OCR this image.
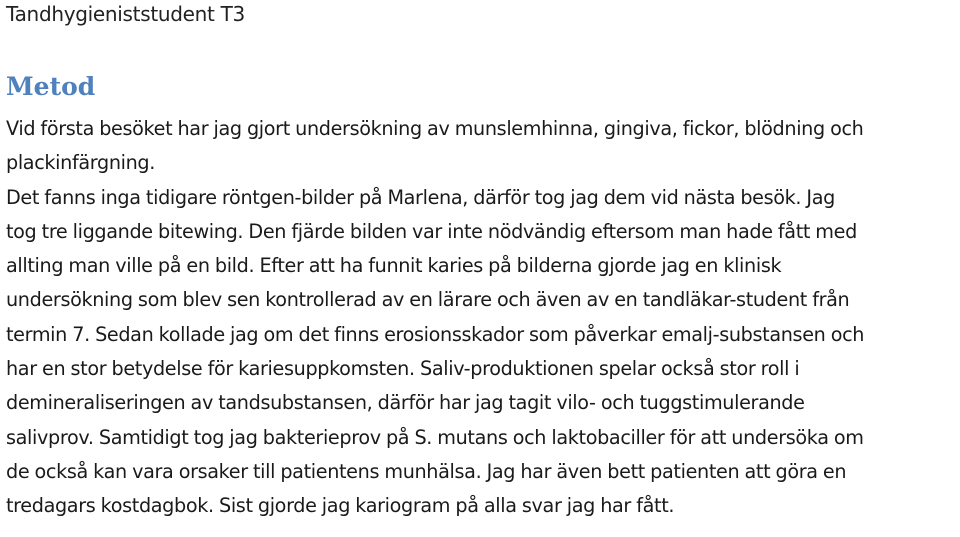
Tandhygieniststudent T3
Metod
Vid första besöket har jag gjort undersökning av munslemhinna, gingiva, fickor, blödning och
plackinfärgning.
Det fanns inga tidigare röntgen-bilder på Marlena, därför tog jag dem vid nästa besök. Jag
tog tre liggande bitewing. Den fjärde bilden var inte nödvändig eftersom man hade fått med
allting man ville på en bild. Efter att ha funnit karies på bilderna gjorde jag en klinisk
undersökning som blev sen kontrollerad av en lärare och även av en tandläkar-student från
termin 7. Sedan kollade jag om det finns erosionsskador som påverkar emalj-substansen och
har en stor betydelse för kariesuppkomsten. Saliv-produktionen spelar också stor roll i
demineraliseringen av tandsubstansen, därför har jag tagit vilo- och tuggstimulerande
salivprov. Samtidigt tog jag bakterieprov på S. mutans och laktobaciller för att undersöka om
de också kan vara orsaker till patientens munhälsa. Jag har även bett patienten att göra en
tredagars kostdagbok. Sist gjorde jag kariogram på alla svar jag har fått.
